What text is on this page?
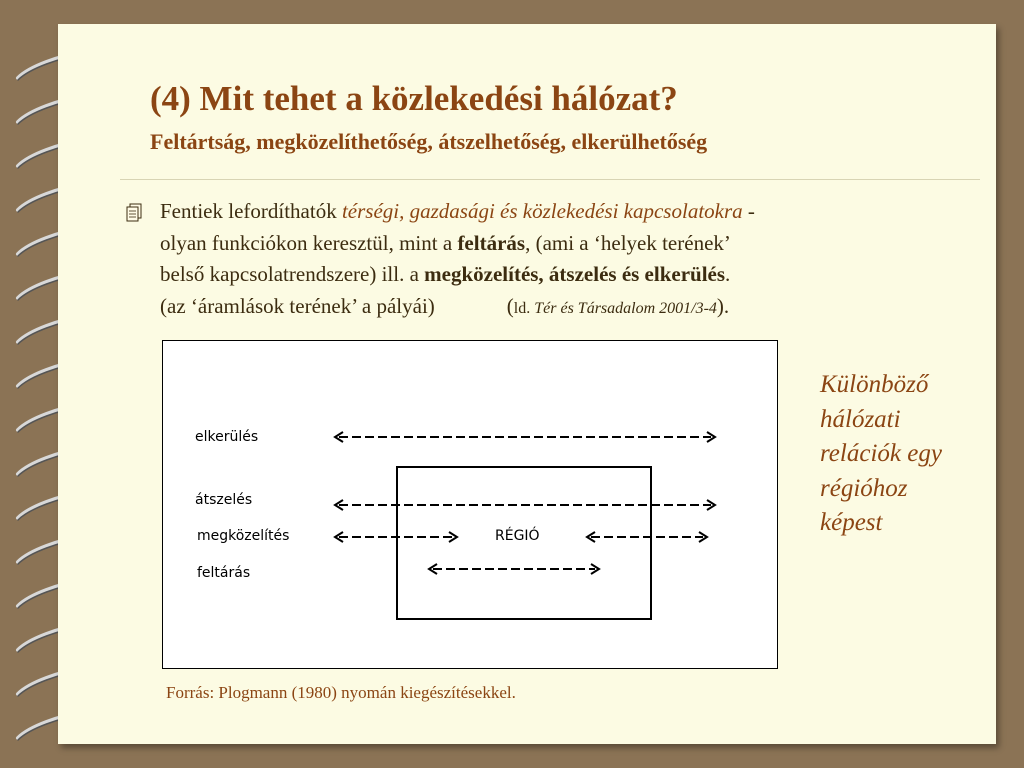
(4) Mit tehet a közlekedési hálózat?
Feltártság, megközelíthetőség, átszelhetőség, elkerülhetőség
Fentiek lefordíthatók térségi, gazdasági és közlekedési kapcsolatokra -
olyan funkciókon keresztül, mint a feltárás, (ami a ‘helyek terének’
belső kapcsolatrendszere) ill. a megközelítés, átszelés és elkerülés.
(az ‘áramlások terének’ a pályái)	(ld. Tér és Társadalom 2001/3-4).
elkerülés
átszelés
megközelítés
feltárás
RÉGIÓ
Forrás: Plogmann (1980) nyomán kiegészítésekkel.
Különböző
hálózati
relációk egy
régióhoz
képest
